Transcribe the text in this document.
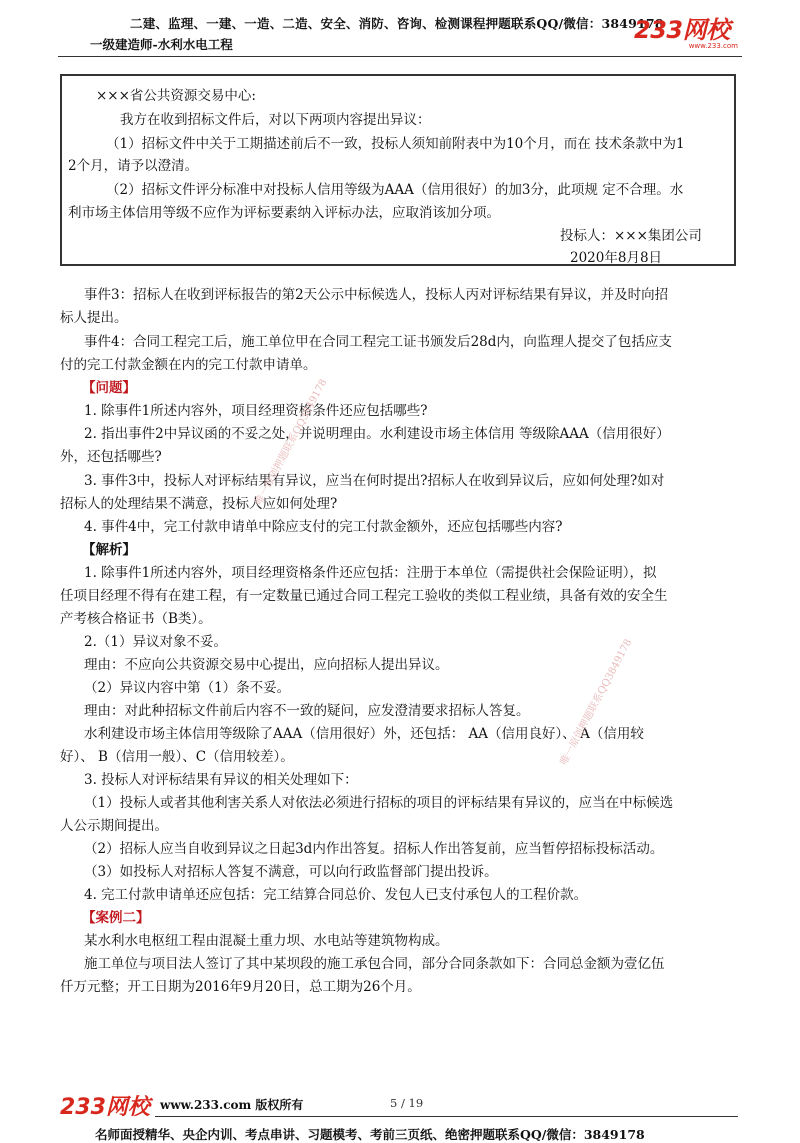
二建、监理、一建、一造、二造、安全、消防、咨询、检测课程押题联系QQ/微信：3849178
一级建造师-水利水电工程
233网校
www.233.com

×××省公共资源交易中心:

我方在收到招标文件后，对以下两项内容提出异议：

（1）招标文件中关于工期描述前后不一致，投标人须知前附表中为10个月，而在 技术条款中为1

2个月，请予以澄清。

（2）招标文件评分标准中对投标人信用等级为AAA（信用很好）的加3分，此项规 定不合理。水

利市场主体信用等级不应作为评标要素纳入评标办法，应取消该加分项。

投标人：×××集团公司

2020年8月8日

事件3：招标人在收到评标报告的第2天公示中标候选人，投标人丙对评标结果有异议，并及时向招
标人提出。
事件4：合同工程完工后，施工单位甲在合同工程完工证书颁发后28d内，向监理人提交了包括应支
付的完工付款金额在内的完工付款申请单。
【问题】
1. 除事件1所述内容外，项目经理资格条件还应包括哪些?
2. 指出事件2中异议函的不妥之处，并说明理由。水利建设市场主体信用 等级除AAA（信用很好）
外，还包括哪些?
3. 事件3中，投标人对评标结果有异议，应当在何时提出?招标人在收到异议后，应如何处理?如对
招标人的处理结果不满意，投标人应如何处理?
4. 事件4中，完工付款申请单中除应支付的完工付款金额外，还应包括哪些内容?
【解析】
1. 除事件1所述内容外，项目经理资格条件还应包括：注册于本单位（需提供社会保险证明），拟
任项目经理不得有在建工程，有一定数量已通过合同工程完工验收的类似工程业绩，具备有效的安全生
产考核合格证书（B类）。
2.（1）异议对象不妥。
理由：不应向公共资源交易中心提出，应向招标人提出异议。
（2）异议内容中第（1）条不妥。
理由：对此种招标文件前后内容不一致的疑问，应发澄清要求招标人答复。
水利建设市场主体信用等级除了AAA（信用很好）外，还包括： AA（信用良好）、 A（信用较
好）、 B（信用一般）、C（信用较差）。
3. 投标人对评标结果有异议的相关处理如下：
（1）投标人或者其他利害关系人对依法必须进行招标的项目的评标结果有异议的，应当在中标候选
人公示期间提出。
（2）招标人应当自收到异议之日起3d内作出答复。招标人作出答复前，应当暂停招标投标活动。
（3）如投标人对招标人答复不满意，可以向行政监督部门提出投诉。
4. 完工付款申请单还应包括：完工结算合同总价、发包人已支付承包人的工程价款。
【案例二】
某水利水电枢纽工程由混凝土重力坝、水电站等建筑物构成。
施工单位与项目法人签订了其中某坝段的施工承包合同，部分合同条款如下：合同总金额为壹亿伍
仟万元整；开工日期为2016年9月20日，总工期为26个月。
唯一原创押题联系QQ3849178
唯一原创押题联系QQ3849178
233网校 www.233.com 版权所有	5 / 19
名师面授精华、央企内训、考点串讲、习题模考、考前三页纸、绝密押题联系QQ/微信：3849178
